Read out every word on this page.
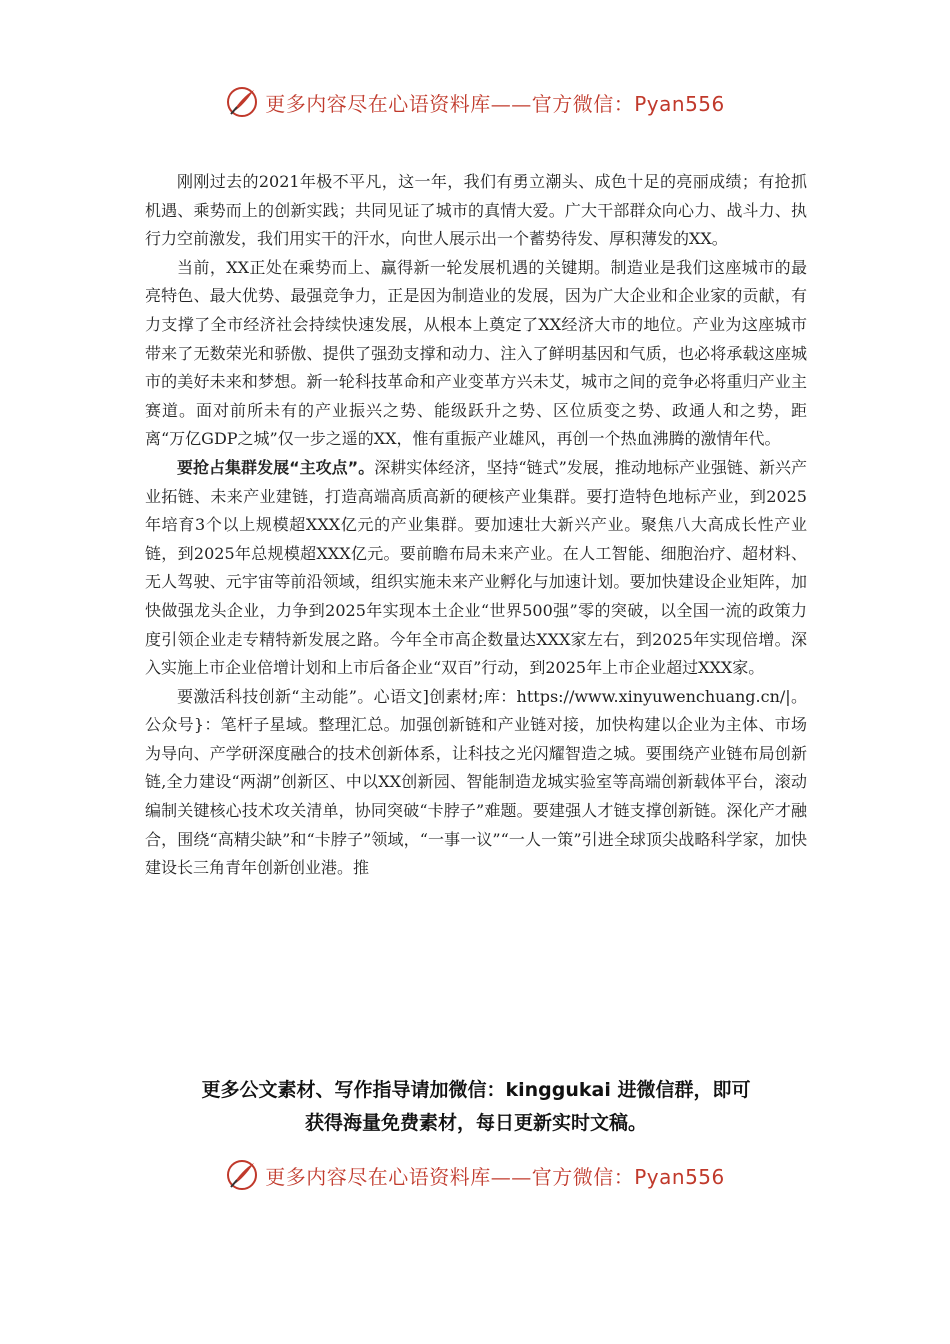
更多内容尽在心语资料库——官方微信：Pyan556

刚刚过去的2021年极不平凡，这一年，我们有勇立潮头、成色十足的亮丽成绩；有抢抓机遇、乘势而上的创新实践；共同见证了城市的真情大爱。广大干部群众向心力、战斗力、执行力空前激发，我们用实干的汗水，向世人展示出一个蓄势待发、厚积薄发的XX。

当前，XX正处在乘势而上、赢得新一轮发展机遇的关键期。制造业是我们这座城市的最亮特色、最大优势、最强竞争力，正是因为制造业的发展，因为广大企业和企业家的贡献，有力支撑了全市经济社会持续快速发展，从根本上奠定了XX经济大市的地位。产业为这座城市带来了无数荣光和骄傲、提供了强劲支撑和动力、注入了鲜明基因和气质，也必将承载这座城市的美好未来和梦想。新一轮科技革命和产业变革方兴未艾，城市之间的竞争必将重归产业主赛道。面对前所未有的产业振兴之势、能级跃升之势、区位质变之势、政通人和之势，距离“万亿GDP之城”仅一步之遥的XX，惟有重振产业雄风，再创一个热血沸腾的激情年代。

要抢占集群发展“主攻点”。深耕实体经济，坚持“链式”发展，推动地标产业强链、新兴产业拓链、未来产业建链，打造高端高质高新的硬核产业集群。要打造特色地标产业，到2025年培育3个以上规模超XXX亿元的产业集群。要加速壮大新兴产业。聚焦八大高成长性产业链，到2025年总规模超XXX亿元。要前瞻布局未来产业。在人工智能、细胞治疗、超材料、无人驾驶、元宇宙等前沿领域，组织实施未来产业孵化与加速计划。要加快建设企业矩阵，加快做强龙头企业，力争到2025年实现本土企业“世界500强”零的突破，以全国一流的政策力度引领企业走专精特新发展之路。今年全市高企数量达XXX家左右，到2025年实现倍增。深入实施上市企业倍增计划和上市后备企业“双百”行动，到2025年上市企业超过XXX家。

要激活科技创新“主动能”。心语文]创素材;库：https://www.xinyuwenchuang.cn/|。公众号}：笔杆子星域。整理汇总。加强创新链和产业链对接，加快构建以企业为主体、市场为导向、产学研深度融合的技术创新体系，让科技之光闪耀智造之城。要围绕产业链布局创新链,全力建设“两湖”创新区、中以XX创新园、智能制造龙城实验室等高端创新载体平台，滚动编制关键核心技术攻关清单，协同突破“卡脖子”难题。要建强人才链支撑创新链。深化产才融合，围绕“高精尖缺”和“卡脖子”领域，“一事一议”“一人一策”引进全球顶尖战略科学家，加快建设长三角青年创新创业港。推

更多公文素材、写作指导请加微信：kinggukai 进微信群，即可
获得海量免费素材，每日更新实时文稿。
更多内容尽在心语资料库——官方微信：Pyan556
